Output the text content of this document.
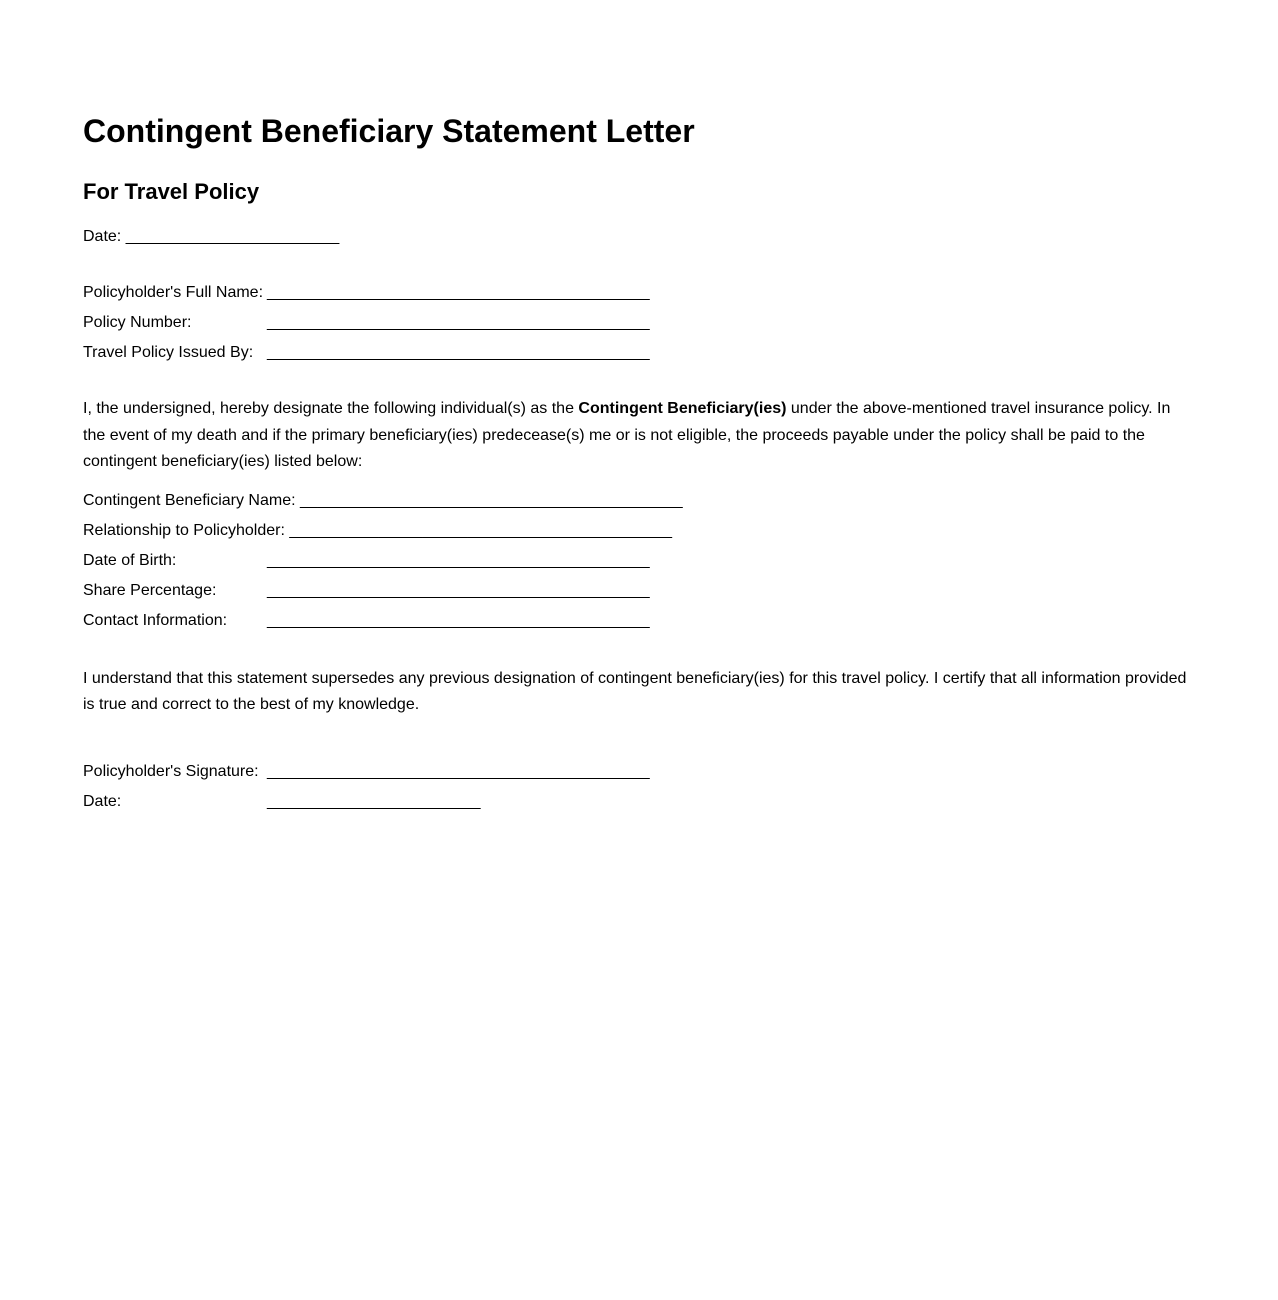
Contingent Beneficiary Statement Letter
For Travel Policy
Date: ________________________
Policyholder's Full Name: ___________________________________________
Policy Number:	___________________________________________
Travel Policy Issued By: ___________________________________________

I, the undersigned, hereby designate the following individual(s) as the Contingent Beneficiary(ies) under the above-mentioned travel insurance policy. In the event of my death and if the primary beneficiary(ies) predecease(s) me or is not eligible, the proceeds payable under the policy shall be paid to the contingent beneficiary(ies) listed below:

Contingent Beneficiary Name: ___________________________________________
Relationship to Policyholder: ___________________________________________
Date of Birth:	___________________________________________
Share Percentage:	___________________________________________
Contact Information:	___________________________________________

I understand that this statement supersedes any previous designation of contingent beneficiary(ies) for this travel policy. I certify that all information provided is true and correct to the best of my knowledge.

Policyholder's Signature: ___________________________________________
Date:	________________________
